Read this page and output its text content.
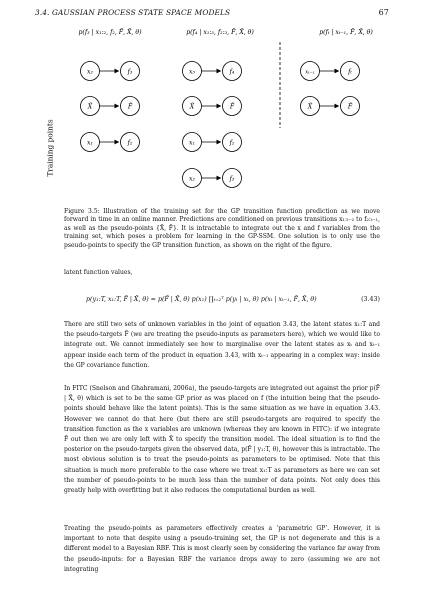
3.4. GAUSSIAN PROCESS STATE SPACE MODELS	67
p(f₃ | x₁:₂, f₂, F̃, X̃, θ)	p(f₄ | x₁:₃, f₂:₃, F̃, X̃, θ)	p(fₜ | xₜ₋₁, F̃, X̃, θ)
x₂	f₃
X̃	F̃
x₁	f₂
x₃	f₄
X̃	F̃
x₁	f₂
x₂	f₃
xₜ₋₁	fₜ
X̃	F̃
Training points
Figure 3.5: Illustration of the training set for the GP transition function prediction as we move forward in time in an online manner. Predictions are conditioned on previous transitions x₁:ₜ₋₂ to f₂:ₜ₋₁, as well as the pseudo-points {X̃, F̃}. It is intractable to integrate out the x and f variables from the training set, which poses a problem for learning in the GP-SSM. One solution is to only use the pseudo-points to specify the GP transition function, as shown on the right of the figure.
latent function values,
p(y₁:T, x₁:T, F̃ | X̃, θ) ≈ p(F̃ | X̃, θ) p(x₁) ∏ₜ₌₂ᵀ p(yₜ | xₜ, θ) p(xₜ | xₜ₋₁, F̃, X̃, θ)	(3.43)
There are still two sets of unknown variables in the joint of equation 3.43, the latent states x₁:T and the pseudo-targets F̃ (we are treating the pseudo-inputs as parameters here), which we would like to integrate out. We cannot immediately see how to marginalise over the latent states as xₜ and xₜ₋₁ appear inside each term of the product in equation 3.43, with xₜ₋₁ appearing in a complex way: inside the GP covariance function.
In FITC (Snelson and Ghahramani, 2006a), the pseudo-targets are integrated out against the prior p(F̃ | X̃, θ) which is set to be the same GP prior as was placed on f (the intuition being that the pseudo-points should behave like the latent points). This is the same situation as we have in equation 3.43. However we cannot do that here (but there are still pseudo-targets are required to specify the transition function as the x variables are unknown (whereas they are known in FITC): if we integrate F̃ out then we are only left with X̃ to specify the transition model. The ideal situation is to find the posterior on the pseudo-targets given the observed data, p(F̃ | y₁:T, θ), however this is intractable. The most obvious solution is to treat the pseudo-points as parameters to be optimised. Note that this situation is much more preferable to the case where we treat x₁:T as parameters as here we can set the number of pseudo-points to be much less than the number of data points. Not only does this greatly help with overfitting but it also reduces the computational burden as well.
Treating the pseudo-points as parameters effectively creates a ‘parametric GP’. However, it is important to note that despite using a pseudo-training set, the GP is not degenerate and this is a different model to a Bayesian RBF. This is most clearly seen by considering the variance far away from the pseudo-inputs: for a Bayesian RBF the variance drops away to zero (assuming we are not integrating
